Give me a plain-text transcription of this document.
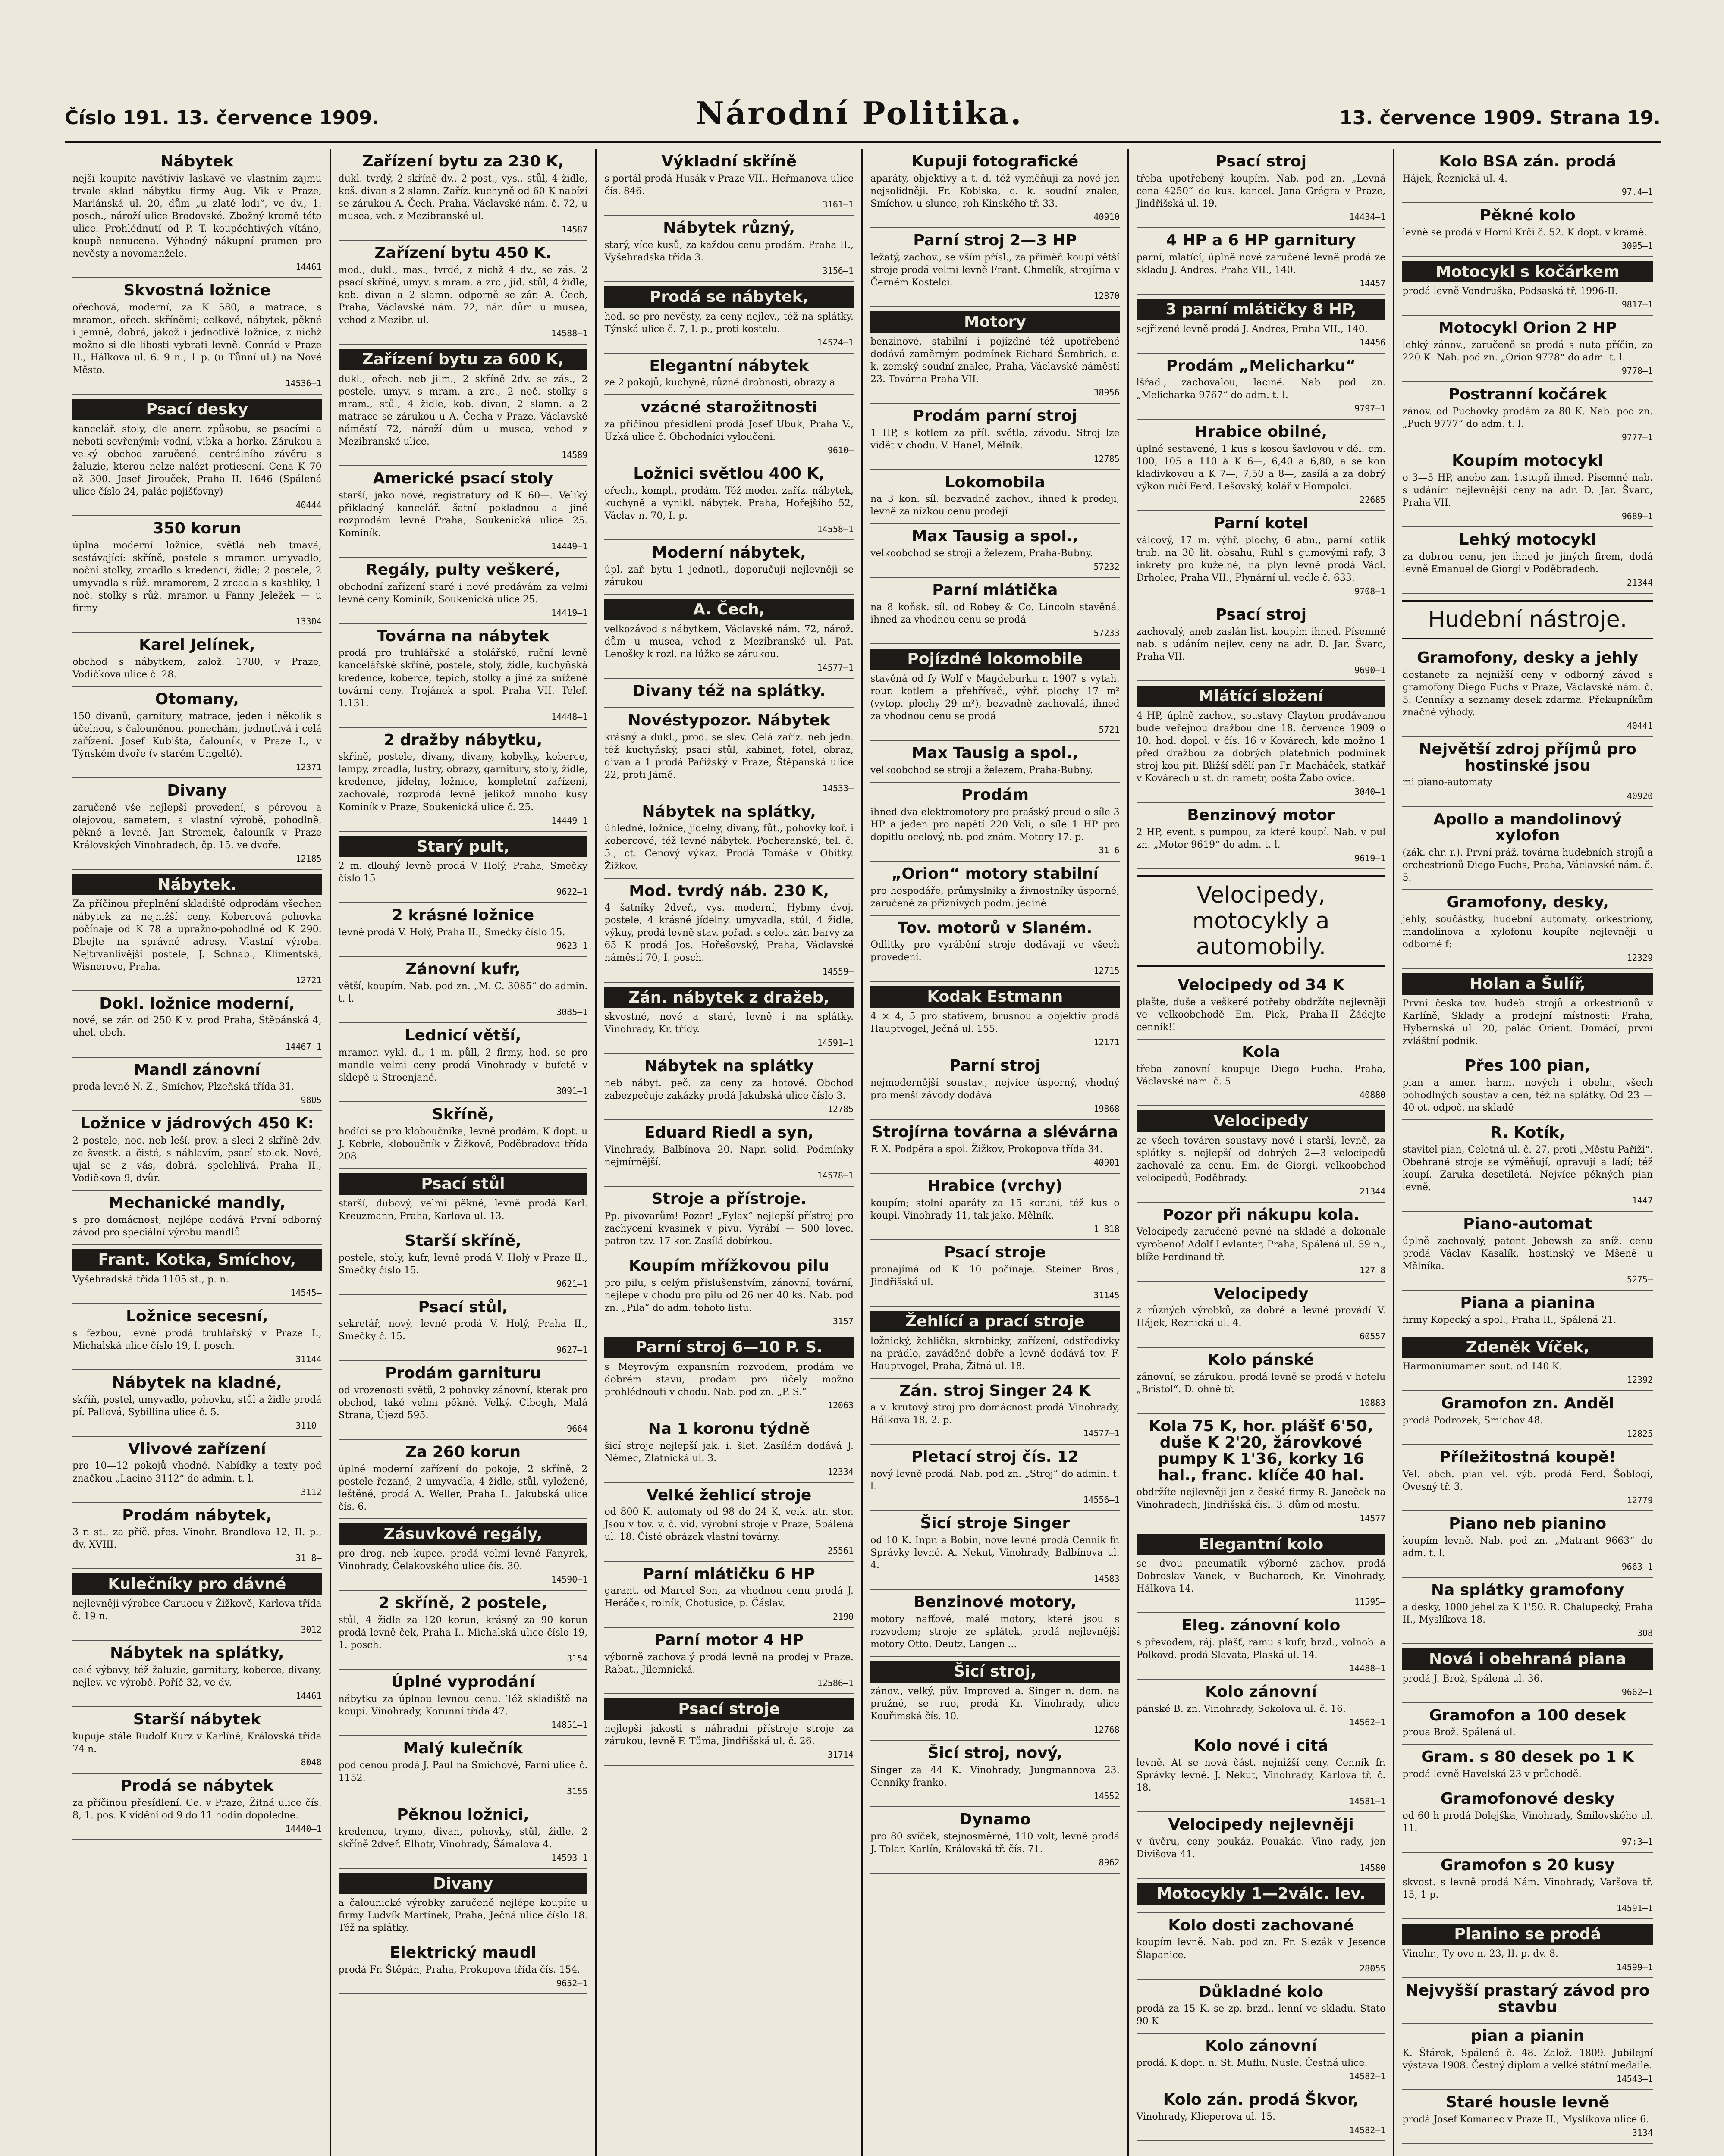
Číslo 191. 13. července 1909.	Národní Politika.	13. července 1909. Strana 19.
Nábytek

nejší koupíte navštíviv laskavě ve vlastním zájmu trvale sklad nábytku firmy Aug. Vik v Praze, Mariánská ul. 20, dům „u zlaté lodi“, ve dv., 1. posch., nároží ulice Brodovské. Zbožný kromě této ulice. Prohlédnutí od P. T. koupěchtivých vítáno, koupě nenucena. Výhodný nákupní pramen pro nevěsty a novomanžele.

14461
Skvostná ložnice

ořechová, moderní, za K 580, a matrace, s mramor., ořech. skříněmi; celkové, nábytek, pěkné i jemně, dobrá, jakož i jednotlivě ložnice, z nichž možno si dle libosti vybrati levně. Conrád v Praze II., Hálkova ul. 6. 9 n., 1 p. (u Tůnní ul.) na Nové Město.

14536—1
Psací desky

kancelář. stoly, dle anerr. způsobu, se psacími a neboti sevřenými; vodní, vibka a horko. Zárukou a velký obchod zaručené, centrálního závěru s žaluzie, kterou nelze nalézt protiesení. Cena K 70 až 300. Josef Jirouček, Praha II. 1646 (Spálená ulice číslo 24, palác pojišťovny)

40444
350 korun

úplná moderní ložnice, světlá neb tmavá, sestávající: skříně, postele s mramor. umyvadlo, noční stolky, zrcadlo s kredencí, židle; 2 postele, 2 umyvadla s růž. mramorem, 2 zrcadla s kasbliky, 1 noč. stolky s růž. mramor. u Fanny Jeležek — u firmy

13304
Karel Jelínek,

obchod s nábytkem, založ. 1780, v Praze, Vodičkova ulice č. 28.

Otomany,

150 divanů, garnitury, matrace, jeden i několik s účelnou, s čalouněnou. ponechám, jednotlivá i celá zařízení. Josef Kubišta, čalouník, v Praze I., v Týnském dvoře (v starém Ungeltě).

12371
Divany

zaručeně vše nejlepší provedení, s pérovou a olejovou, sametem, s vlastní výrobě, pohodlně, pěkné a levné. Jan Stromek, čalouník v Praze Královských Vinohradech, čp. 15, ve dvoře.

12185
Nábytek.

Za příčinou přeplnění skladiště odprodám všechen nábytek za nejnižší ceny. Kobercová pohovka počínaje od K 78 a upražno-pohodlné od K 290. Dbejte na správné adresy. Vlastní výroba. Nejtrvanlivější postele, J. Schnabl, Klimentská, Wisnerovo, Praha.

12721
Dokl. ložnice moderní,

nové, se zár. od 250 K v. prod Praha, Štěpánská 4, uhel. obch.

14467—1
Mandl zánovní

proda levně N. Z., Smíchov, Plzeňská třída 31.

9805
Ložnice v jádrových 450 K:

2 postele, noc. neb leší, prov. a sleci 2 skříně 2dv. ze švestk. a čisté, s náhlavím, psací stolek. Nové, ujal se z vás, dobrá, spolehlivá. Praha II., Vodičkova 9, dvůr.

Mechanické mandly,

s pro domácnost, nejlépe dodává První odborný závod pro speciální výrobu mandlů

Frant. Kotka, Smíchov,

Vyšehradská třída 1105 st., p. n.

14545—
Ložnice secesní,

s fezbou, levně prodá truhlářský v Praze I., Michalská ulice číslo 19, I. posch.

31144
Nábytek na kladné,

skříň, postel, umyvadlo, pohovku, stůl a židle prodá pí. Pallová, Sybillina ulice č. 5.

3110—
Vlivové zařízení

pro 10—12 pokojů vhodné. Nabídky a texty pod značkou „Lacino 3112“ do admin. t. l.

3112
Prodám nábytek,

3 r. st., za příč. přes. Vinohr. Brandlova 12, II. p., dv. XVIII.

31 8—
Kulečníky pro dávné

nejlevněji výrobce Caruocu v Žižkově, Karlova třída č. 19 n.

3012
Nábytek na splátky,

celé výbavy, též žaluzie, garnitury, koberce, divany, nejlev. ve výrobě. Poříč 32, ve dv.

14461
Starší nábytek

kupuje stále Rudolf Kurz v Karlíně, Královská třída 74 n.

8048
Prodá se nábytek

za příčinou přesídlení. Ce. v Praze, Žitná ulice čís. 8, 1. pos. K vídění od 9 do 11 hodin dopoledne.

14440—1
Zařízení bytu za 230 K,

dukl. tvrdý, 2 skříně dv., 2 post., vys., stůl, 4 židle, koš. divan s 2 slamn. Zaříz. kuchyně od 60 K nabízí se zárukou A. Čech, Praha, Václavské nám. č. 72, u musea, vch. z Mezibranské ul.

14587
Zařízení bytu 450 K.

mod., dukl., mas., tvrdé, z nichž 4 dv., se zás. 2 psací skříně, umyv. s mram. a zrc., jid. stůl, 4 židle, kob. divan a 2 slamn. odporně se zár. A. Čech, Praha, Václavské nám. 72, nár. dům u musea, vchod z Mezibr. ul.

14588—1
Zařízení bytu za 600 K,

dukl., ořech. neb jilm., 2 skříně 2dv. se zás., 2 postele, umyv. s mram. a zrc., 2 noč. stolky s mram., stůl, 4 židle, kob. divan, 2 slamn. a 2 matrace se zárukou u A. Čecha v Praze, Václavské náměstí 72, nároží dům u musea, vchod z Mezibranské ulice.

14589
Americké psací stoly

starší, jako nové, registratury od K 60—. Veliký přikladný kancelář. šatní pokladnou a jiné rozprodám levně Praha, Soukenická ulice 25. Kominík.

14449—1
Regály, pulty veškeré,

obchodní zařízení staré i nové prodávám za velmi levné ceny Kominík, Soukenická ulice 25.

14419—1
Továrna na nábytek

prodá pro truhlářské a stolářské, ruční levně kancelářské skříně, postele, stoly, židle, kuchyňská kredence, koberce, tepich, stolky a jiné za snížené tovární ceny. Trojánek a spol. Praha VII. Telef. 1.131.

14448—1
2 dražby nábytku,

skříně, postele, divany, divany, kobylky, koberce, lampy, zrcadla, lustry, obrazy, garnitury, stoly, židle, kredence, jídelny, ložnice, kompletní zařízení, zachovalé, rozprodá levně jelikož mnoho kusy Kominík v Praze, Soukenická ulice č. 25.

14449—1
Starý pult,

2 m. dlouhý levně prodá V Holý, Praha, Smečky číslo 15.

9622—1
2 krásné ložnice

levně prodá V. Holý, Praha II., Smečky číslo 15.

9623—1
Zánovní kufr,

větší, koupím. Nab. pod zn. „M. C. 3085“ do admin. t. l.

3085—1
Lednicí větší,

mramor. vykl. d., 1 m. půll, 2 firmy, hod. se pro mandle velmi ceny prodá Vinohrady v bufetě v sklepě u Stroenjané.

3091—1
Skříně,

hodící se pro kloboučníka, levně prodám. K dopt. u J. Kebrle, kloboučník v Žižkově, Poděbradova třída 208.

Psací stůl

starší, dubový, velmi pěkně, levně prodá Karl. Kreuzmann, Praha, Karlova ul. 13.

Starší skříně,

postele, stoly, kufr, levně prodá V. Holý v Praze II., Smečky číslo 15.

9621—1
Psací stůl,

sekretář, nový, levně prodá V. Holý, Praha II., Smečky č. 15.

9627—1
Prodám garnituru

od vrozenosti světů, 2 pohovky zánovní, kterak pro obchod, také velmi pěkné. Velký. Cibogh, Malá Strana, Újezd 595.

9664
Za 260 korun

úplné moderní zařízení do pokoje, 2 skříně, 2 postele řezané, 2 umyvadla, 4 židle, stůl, vyložené, leštěné, prodá A. Weller, Praha I., Jakubská ulice čís. 6.

Zásuvkové regály,

pro drog. neb kupce, prodá velmi levně Fanyrek, Vinohrady, Čelakovského ulice čís. 30.

14590—1
2 skříně, 2 postele,

stůl, 4 židle za 120 korun, krásný za 90 korun prodá levně ček, Praha I., Michalská ulice číslo 19, 1. posch.

3154
Úplné vyprodání

nábytku za úplnou levnou cenu. Též skladiště na koupi. Vinohrady, Korunní třída 47.

14851—1
Malý kulečník

pod cenou prodá J. Paul na Smíchově, Farní ulice č. 1152.

3155
Pěknou ložnici,

kredencu, trymo, divan, pohovky, stůl, židle, 2 skříně 2dveř. Elhotr, Vinohrady, Šámalova 4.

14593—1
Divany

a čalounické výrobky zaručeně nejlépe koupíte u firmy Ludvík Martínek, Praha, Ječná ulice číslo 18. Též na splátky.

Elektrický maudl

prodá Fr. Štěpán, Praha, Prokopova třída čís. 154.

9652—1
Výkladní skříně

s portál prodá Husák v Praze VII., Heřmanova ulice čís. 846.

3161—1
Nábytek různý,

starý, více kusů, za každou cenu prodám. Praha II., Vyšehradská třída 3.

3156—1
Prodá se nábytek,

hod. se pro nevěsty, za ceny nejlev., též na splátky. Týnská ulice č. 7, I. p., proti kostelu.

14524—1
Elegantní nábytek

ze 2 pokojů, kuchyně, různé drobnosti, obrazy a

vzácné starožitnosti

za příčinou přesídlení prodá Josef Ubuk, Praha V., Úzká ulice č. Obchodníci vyloučeni.

9610—
Ložnici světlou 400 K,

ořech., kompl., prodám. Též moder. zaříz. nábytek, kuchyně a vynikl. nábytek. Praha, Hořejšího 52, Václav n. 70, I. p.

14558—1
Moderní nábytek,

úpl. zař. bytu 1 jednotl., doporučuji nejlevněji se zárukou

A. Čech,

velkozávod s nábytkem, Václavské nám. 72, nárož. dům u musea, vchod z Mezibranské ul. Pat. Lenošky k rozl. na lůžko se zárukou.

14577—1
Divany též na splátky.
Novéstypozor. Nábytek

krásný a dukl., prod. se slev. Celá zaříz. neb jedn. též kuchyňský, psací stůl, kabinet, fotel, obraz, divan a 1 prodá Pařížský v Praze, Štěpánská ulice 22, proti Jámě.

14533—
Nábytek na splátky,

úhledné, ložnice, jídelny, divany, fůt., pohovky koř. i kobercové, též levné nábytek. Pocheranské, tel. č. 5., ct. Cenový výkaz. Prodá Tomáše v Obitky. Žižkov.

Mod. tvrdý náb. 230 K,

4 šatníky 2dveř., vys. moderní, Hybmy dvoj. postele, 4 krásné jídelny, umyvadla, stůl, 4 židle, výkuy, prodá levně stav. pořad. s celou zár. barvy za 65 K prodá Jos. Hořešovský, Praha, Václavské náměstí 70, I. posch.

14559—
Zán. nábytek z dražeb,

skvostné, nové a staré, levně i na splátky. Vinohrady, Kr. třídy.

14591—1
Nábytek na splátky

neb nábyt. peč. za ceny za hotové. Obchod zabezpečuje zakázky prodá Jakubská ulice číslo 3.

12785
Eduard Riedl a syn,

Vinohrady, Balbínova 20. Napr. solid. Podmínky nejmírnější.

14578—1
Stroje a přístroje.

Pp. pivovarům! Pozor! „Fylax“ nejlepší přístroj pro zachycení kvasinek v pivu. Vyrábí — 500 lovec. patron tzv. 17 kor. Zasílá dobírkou.

Koupím mřížkovou pilu

pro pilu, s celým příslušenstvím, zánovní, tovární, nejlépe v chodu pro pilu od 26 ner 40 ks. Nab. pod zn. „Pila“ do adm. tohoto listu.

3157
Parní stroj 6—10 P. S.

s Meyrovým expansním rozvodem, prodám ve dobrém stavu, prodám pro účely možno prohlédnouti v chodu. Nab. pod zn. „P. S.“

12063
Na 1 koronu týdně

šicí stroje nejlepší jak. i. šlet. Zasílám dodává J. Němec, Zlatnická ul. 3.

12334
Velké žehlicí stroje

od 800 K. automaty od 98 do 24 K, veik. atr. stor. Jsou v tov. v. č. vid. výrobní stroje v Praze, Spálená ul. 18. Čisté obrázek vlastní továrny.

25561
Parní mlátičku 6 HP

garant. od Marcel Son, za vhodnou cenu prodá J. Heráček, rolník, Chotusice, p. Čáslav.

2190
Parní motor 4 HP

výborně zachovalý prodá levně na prodej v Praze. Rabat., Jilemnická.

12586—1
Psací stroje

nejlepší jakosti s náhradní přístroje stroje za zárukou, levně F. Tůma, Jindřišská ul. č. 26.

31714
Kupuji fotografické

aparáty, objektivy a t. d. též vyměňuji za nové jen nejsolidněji. Fr. Kobiska, c. k. soudní znalec, Smíchov, u slunce, roh Kinského tř. 33.

40910
Parní stroj 2—3 HP

ležatý, zachov., se vším přísl., za přiměř. koupí větší stroje prodá velmi levně Frant. Chmelík, strojírna v Černém Kostelci.

12870
Motory

benzinové, stabilní i pojízdné též upotřebené dodává zaměrným podmínek Richard Šembrich, c. k. zemský soudní znalec, Praha, Václavské náměstí 23. Továrna Praha VII.

38956
Prodám parní stroj

1 HP, s kotlem za příl. světla, závodu. Stroj lze vidět v chodu. V. Hanel, Mělník.

12785
Lokomobila

na 3 kon. síl. bezvadně zachov., ihned k prodeji, levně za nízkou cenu prodejí

Max Tausig a spol.,

velkoobchod se stroji a železem, Praha-Bubny.

57232
Parní mlátička

na 8 koňsk. síl. od Robey & Co. Lincoln stavěná, ihned za vhodnou cenu se prodá

57233
Pojízdné lokomobile

stavěná od fy Wolf v Magdeburku r. 1907 s vytah. rour. kotlem a přehřívač., výhř. plochy 17 m² (vytop. plochy 29 m²), bezvadně zachovalá, ihned za vhodnou cenu se prodá

5721
Max Tausig a spol.,

velkoobchod se stroji a železem, Praha-Bubny.

Prodám

ihned dva elektromotory pro prašský proud o síle 3 HP a jeden pro napětí 220 Voli, o síle 1 HP pro dopitlu ocelový, nb. pod znám. Motory 17. p.

31 6
„Orion“ motory stabilní

pro hospodáře, průmyslníky a živnostníky úsporné, zaručeně za přiznivých podm. jediné

Tov. motorů v Slaném.

Odlitky pro vyrábění stroje dodávají ve všech provedení.

12715
Kodak Estmann

4 × 4, 5 pro stativem, brusnou a objektiv prodá Hauptvogel, Ječná ul. 155.

12171
Parní stroj

nejmodernější soustav., nejvíce úsporný, vhodný pro menší závody dodává

19868
Strojírna továrna a slévárna

F. X. Podpěra a spol. Žižkov, Prokopova třída 34.

40901
Hrabice (vrchy)

koupím; stolní aparáty za 15 koruni, též kus o koupi. Vinohrady 11, tak jako. Mělník.

1 818
Psací stroje

pronajímá od K 10 počínaje. Steiner Bros., Jindřišská ul.

31145
Žehlící a prací stroje

ložnický, žehlička, skrobicky, zařízení, odstředivky na prádlo, zaváděné dobře a levně dodává tov. F. Hauptvogel, Praha, Žitná ul. 18.

Zán. stroj Singer 24 K

a v. krutový stroj pro domácnost prodá Vinohrady, Hálkova 18, 2. p.

14577—1
Pletací stroj čís. 12

nový levně prodá. Nab. pod zn. „Stroj“ do admin. t. l.

14556—1
Šicí stroje Singer

od 10 K. Inpr. a Bobin, nové levné prodá Cennik fr. Správky levné. A. Nekut, Vinohrady, Balbínova ul. 4.

14583
Benzinové motory,

motory nafťové, malé motory, které jsou s rozvodem; stroje ze splátek, prodá nejlevnější motory Otto, Deutz, Langen ...

Šicí stroj,

zánov., velký, pův. Improved a. Singer n. dom. na pružné, se ruo, prodá Kr. Vinohrady, ulice Kouřimská čís. 10.

12768
Šicí stroj, nový,

Singer za 44 K. Vinohrady, Jungmannova 23. Cenníky franko.

14552
Dynamo

pro 80 svíček, stejnosměrné, 110 volt, levně prodá J. Tolar, Karlín, Královská tř. čís. 71.

8962
Psací stroj

třeba upotřebený koupím. Nab. pod zn. „Levná cena 4250“ do kus. kancel. Jana Grégra v Praze, Jindřišská ul. 19.

14434—1
4 HP a 6 HP garnitury

parní, mlátící, úplně nové zaručeně levně prodá ze skladu J. Andres, Praha VII., 140.

14457
3 parní mlátičky 8 HP,

sejřizené levně prodá J. Andres, Praha VII., 140.

14456
Prodám „Melicharku“

lšřád., zachovalou, laciné. Nab. pod zn. „Melicharka 9767“ do adm. t. l.

9797—1
Hrabice obilné,

úplné sestavené, 1 kus s kosou šavlovou v dél. cm. 100, 105 a 110 à K 6—, 6,40 a 6,80, a se kon kladivkovou a K 7—, 7,50 a 8—, zasílá a za dobrý výkon ručí Ferd. Lešovský, kolář v Hompolci.

22685
Parní kotel

válcový, 17 m. výhř. plochy, 6 atm., parní kotlík trub. na 30 lit. obsahu, Ruhl s gumovými rafy, 3 inkrety pro kuželné, na plyn levně prodá Václ. Drholec, Praha VII., Plynární ul. vedle č. 633.

9708—1
Psací stroj

zachovalý, aneb zaslán list. koupím ihned. Písemné nab. s udáním nejlev. ceny na adr. D. Jar. Švarc, Praha VII.

9690—1
Mlátící složení

4 HP, úplně zachov., soustavy Clayton prodávanou bude veřejnou dražbou dne 18. července 1909 o 10. hod. dopol. v čís. 16 v Kovárech, kde možno 1 před dražbou za dobrých platebních podmínek stroj kou pit. Bližší sdělí pan Fr. Macháček, statkář v Kovárech u st. dr. rametr, pošta Žabo ovice.

3040—1
Benzinový motor

2 HP, event. s pumpou, za které koupí. Nab. v pul zn. „Motor 9619“ do adm. t. l.

9619—1
Velocipedy, motocykly a automobily.
Velocipedy od 34 K

plašte, duše a veškeré potřeby obdržíte nejlevněji ve velkoobchodě Em. Pick, Praha-II Žádejte cenník!!

Kola

třeba zanovní koupuje Diego Fucha, Praha, Václavské nám. č. 5

40880
Velocipedy

ze všech továren soustavy nově i starší, levně, za splátky s. nejlepší od dobrých 2—3 velocipedů zachovalé za cenu. Em. de Giorgi, velkoobchod velocipedů, Poděbrady.

21344
Pozor při nákupu kola.

Velocipedy zaručeně pevné na skladě a dokonale vyrobeno! Adolf Levlanter, Praha, Spálená ul. 59 n., blíže Ferdinand tř.

127 8
Velocipedy

z různých výrobků, za dobré a levné provádí V. Hájek, Reznická ul. 4.

60557
Kolo pánské

zánovní, se zárukou, prodá levně se prodá v hotelu „Bristol“. D. ohně tř.

10883
Kola 75 K, hor. plášť 6'50, duše K 2'20, žárovkové pumpy K 1'36, korky 16 hal., franc. klíče 40 hal.

obdržíte nejlevněji jen z české firmy R. Janeček na Vinohradech, Jindřišská čísl. 3. dům od mostu.

14577
Elegantní kolo

se dvou pneumatik výborné zachov. prodá Dobroslav Vanek, v Bucharoch, Kr. Vinohrady, Hálkova 14.

11595—
Eleg. zánovní kolo

s převodem, ráj. plášť, rámu s kufr, brzd., volnob. a Polkovd. prodá Slavata, Plaská ul. 14.

14488—1
Kolo zánovní

pánské B. zn. Vinohrady, Sokolova ul. č. 16.

14562—1
Kolo nové i citá

levně. Ať se nová část. nejnižší ceny. Cenník fr. Správky levně. J. Nekut, Vinohrady, Karlova tř. č. 18.

14581—1
Velocipedy nejlevněji

v úvěru, ceny poukáz. Pouakác. Vino rady, jen Divišova 41.

14580
Motocykly 1—2válc. lev.
Kolo dosti zachované

koupím levně. Nab. pod zn. Fr. Slezák v Jesence Šlapanice.

28055
Důkladné kolo

prodá za 15 K. se zp. brzd., lenní ve skladu. Stato 90 K

Kolo zánovní

prodá. K dopt. n. St. Muflu, Nusle, Čestná ulice.

14582—1
Kolo zán. prodá Škvor,

Vinohrady, Klieperova ul. 15.

14582—1
Kolo BSA zán. prodá

Hájek, Řeznická ul. 4.

97.4—1
Pěkné kolo

levně se prodá v Horní Krči č. 52. K dopt. v krámě.

3095—1
Motocykl s kočárkem

prodá levně Vondruška, Podsaská tř. 1996-II.

9817—1
Motocykl Orion 2 HP

lehký zánov., zaručeně se prodá s nuta příčin, za 220 K. Nab. pod zn. „Orion 9778“ do adm. t. l.

9778—1
Postranní kočárek

zánov. od Puchovky prodám za 80 K. Nab. pod zn. „Puch 9777“ do adm. t. l.

9777—1
Koupím motocykl

o 3—5 HP, anebo zan. 1.stupň ihned. Písemné nab. s udáním nejlevnější ceny na adr. D. Jar. Švarc, Praha VII.

9689—1
Lehký motocykl

za dobrou cenu, jen ihned je jiných firem, dodá levně Emanuel de Giorgi v Poděbradech.

21344
Hudební nástroje.
Gramofony, desky a jehly

dostanete za nejnižší ceny v odborný závod s gramofony Diego Fuchs v Praze, Václavské nám. č. 5. Cenníky a seznamy desek zdarma. Překupníkům značné výhody.

40441
Největší zdroj příjmů pro hostinské jsou

mi piano-automaty

40920
Apollo a mandolinový xylofon

(zák. chr. r.). První práž. továrna hudebních strojů a orchestrionů Diego Fuchs, Praha, Václavské nám. č. 5.

Gramofony, desky,

jehly, součástky, hudební automaty, orkestriony, mandolinova a xylofonu koupíte nejlevněji u odborné f:

12329
Holan a Šulíř,

První česká tov. hudeb. strojů a orkestrionů v Karlíně, Sklady a prodejní místnosti: Praha, Hybernská ul. 20, palác Orient. Domácí, první zvláštní podnik.

Přes 100 pian,

pian a amer. harm. nových i obehr., všech pohodlných soustav a cen, též na splátky. Od 23 — 40 ot. odpoč. na skladě

R. Kotík,

stavitel pian, Celetná ul. č. 27, proti „Městu Paříži“. Obehrané stroje se výměňují, opravují a ladí; též koupí. Zaruka desetiletá. Nejvíce pěkných pian levně.

1447
Piano-automat

úplně zachovalý, patent Jebewsh za sníž. cenu prodá Václav Kasalík, hostinský ve Mšeně u Mělníka.

5275—
Piana a pianina

firmy Kopecký a spol., Praha II., Spálená 21.

Zdeněk Víček,

Harmoniumamer. sout. od 140 K.

12392
Gramofon zn. Anděl

prodá Podrozek, Smíchov 48.

12825
Příležitostná koupě!

Vel. obch. pian vel. výb. prodá Ferd. Šoblogi, Ovesný tř. 3.

12779
Piano neb pianino

koupím levně. Nab. pod zn. „Matrant 9663“ do adm. t. l.

9663—1
Na splátky gramofony

a desky, 1000 jehel za K 1'50. R. Chalupecký, Praha II., Myslíkova 18.

308
Nová i obehraná piana

prodá J. Brož, Spálená ul. 36.

9662—1
Gramofon a 100 desek

proua Brož, Spálená ul.

Gram. s 80 desek po 1 K

prodá levně Havelská 23 v průchodě.

Gramofonové desky

od 60 h prodá Dolejška, Vinohrady, Šmilovského ul. 11.

97:3—1
Gramofon s 20 kusy

skvost. s levně prodá Nám. Vinohrady, Varšova tř. 15, 1 p.

14591—1
Planino se prodá

Vinohr., Ty ovo n. 23, II. p. dv. 8.

14599—1
Nejvyšší prastarý závod pro stavbu
pian a pianin

K. Štárek, Spálená č. 48. Založ. 1809. Jubilejní výstava 1908. Čestný diplom a velké státní medaile.

14543—1
Staré housle levně

prodá Josef Komanec v Praze II., Myslíkova ulice 6.

3134
